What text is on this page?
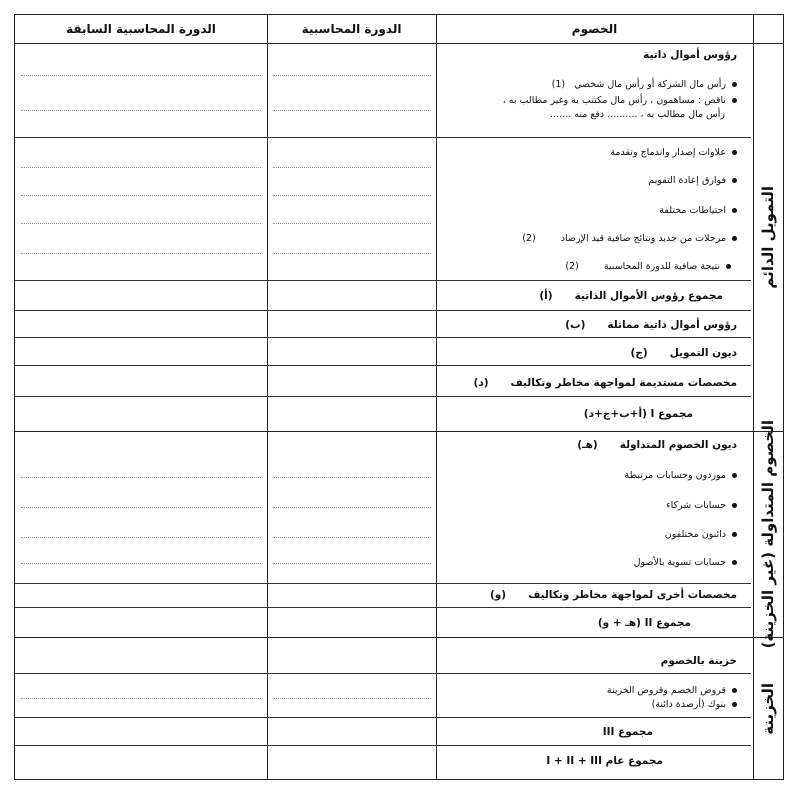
الدورة المحاسبية السابقة	الدورة المحاسبية	الخصوم
التمويل الدائم
الخصوم المتداولة (غير الخزينة)
الخزينة
رؤوس أموال ذاتية
رأس مال الشركة أو رأس مال شخصي (1)
ناقص : مساهمون ، رأس مال مكتتب به وغير مطالب به ،
رأس مال مطالب به ، .......... دفع منه .......
علاوات إصدار واندماج وتقدمة
فوارق إعادة التقويم
احتياطات مختلفة
مرحلات من جديد ونتائج صافية قيد الإرصاد (2)
نتيجة صافية للدورة المحاسبية (2)
مجموع رؤوس الأموال الذاتية(أ)
رؤوس أموال ذاتية مماثلة(ب)
ديون التمويل(ج)
مخصصات مستديمة لمواجهة مخاطر وتكاليف(د)
مجموع I (أ+ب+ج+د)
ديون الخصوم المتداولة(هـ)
موردون وحسابات مرتبطة
حسابات شركاء
دائنون مختلفون
حسابات تسوية بالأصول
مخصصات أخرى لمواجهة مخاطر وتكاليف(و)
مجموع II (هـ + و)
خزينة بالخصوم
قروض الخصم وقروض الخزينة
بنوك (أرصدة دائنة)
مجموع III
مجموع عام I + II + III
